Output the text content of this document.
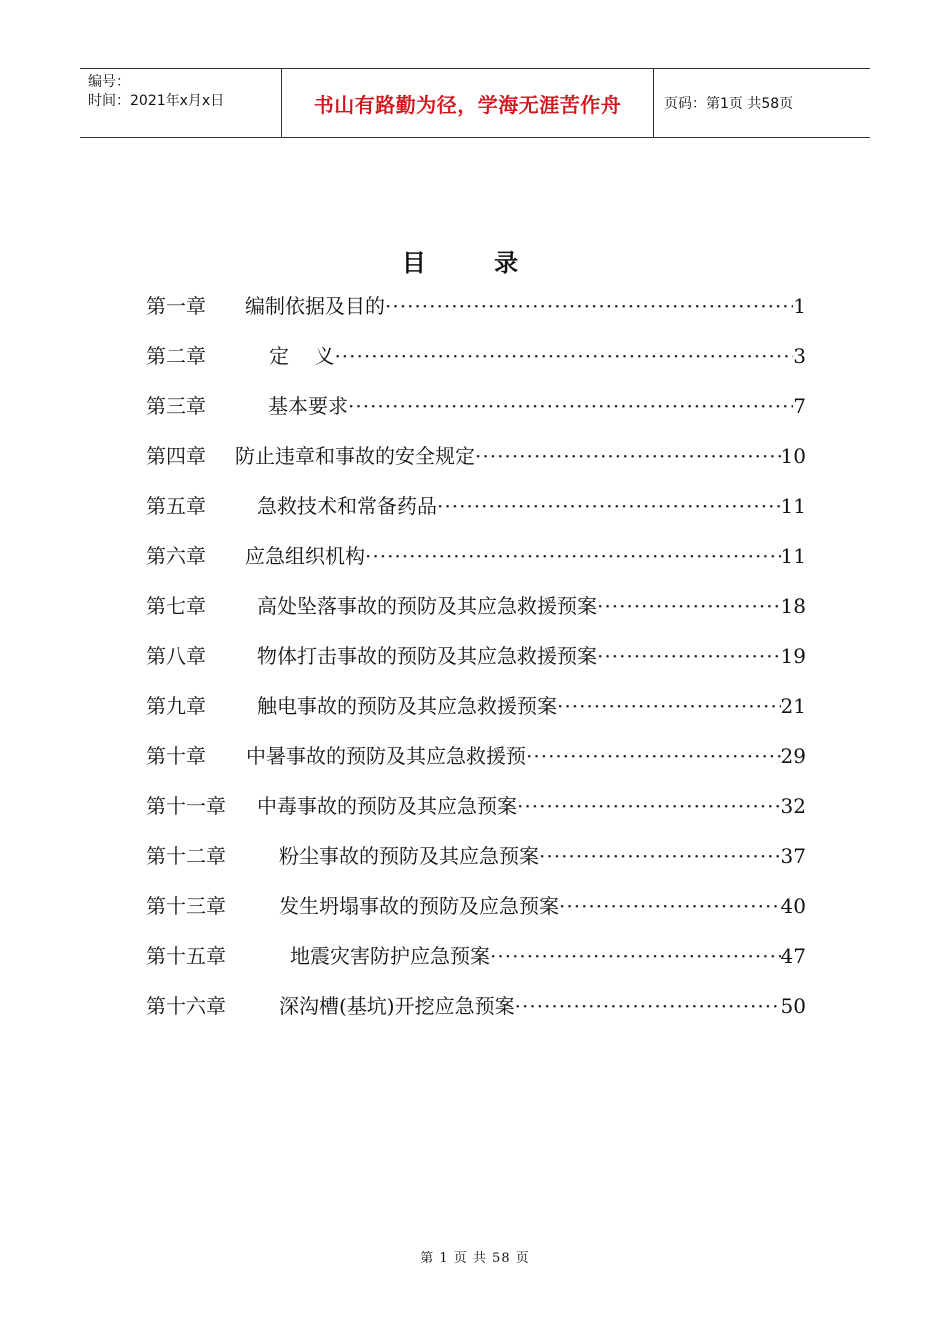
编号：
时间：2021年x月x日	书山有路勤为径，学海无涯苦作舟	页码：第1页 共58页
目 录
第一章	编制依据及目的 ·····	1
第二章	定    义 ·····	3
第三章	基本要求 ·····	7
第四章	防止违章和事故的安全规定 ·····	10
第五章	急救技术和常备药品 ·····	11
第六章	应急组织机构 ·····	11
第七章	高处坠落事故的预防及其应急救援预案 ·····	18
第八章	物体打击事故的预防及其应急救援预案 ·····	19
第九章	触电事故的预防及其应急救援预案 ·····	21
第十章	中暑事故的预防及其应急救援预 ·····	29
第十一章	中毒事故的预防及其应急预案 ·····	32
第十二章	粉尘事故的预防及其应急预案 ·····	37
第十三章	发生坍塌事故的预防及应急预案 ·····	40
第十五章	地震灾害防护应急预案 ·····	47
第十六章	深沟槽(基坑)开挖应急预案 ·····	50
第 1 页 共 58 页
